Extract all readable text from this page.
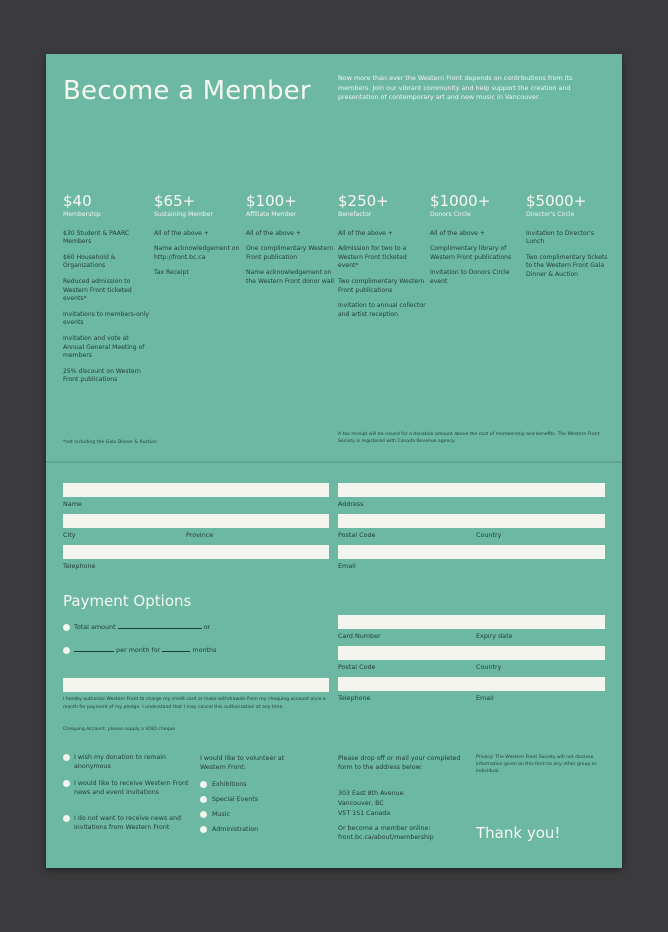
Become a Member	Now more than ever the Western Front depends on contributions from its members. Join our vibrant community and help support the creation and presentation of contemporary art and new music in Vancouver.
$40
Membership
$30 Student & PAARC Members
$60 Household & Organizations
Reduced admission to Western Front ticketed events*
Invitations to members-only events
Invitation and vote at Annual General Meeting of members
25% discount on Western Front publications
$65+
Sustaining Member
All of the above +
Name acknowledgement on http://front.bc.ca
Tax Receipt
$100+
Affiliate Member
All of the above +
One complimentary Western Front publication
Name acknowledgement on the Western Front donor wall
$250+
Benefactor
All of the above +
Admission for two to a Western Front ticketed event*
Two complimentary Western Front publications
Invitation to annual collector and artist reception
$1000+
Donors Circle
All of the above +
Complimentary library of Western Front publications
Invitation to Donors Circle event
$5000+
Director's Circle
Invitation to Director's Lunch
Two complimentary tickets to the Western Front Gala Dinner & Auction
*not including the Gala Dinner & Auction
A tax receipt will be issued for a donation amount above the cost of membership and benefits. The Western Front Society is registered with Canada Revenue agency.
Name	Address
City	Province	Postal Code	Country
Telephone	Email
Payment Options
Total amount	or
per month for	months
Card Number	Expiry date
Postal Code	Country
Telephone	Email
I hereby authorize Western Front to charge my credit card or make withdrawals from my chequing account once a month for payment of my pledge. I understand that I may cancel this authorization at any time.
Chequing Account: please supply a VOID cheque
I wish my donation to remain anonymous
I would like to receive Western Front news and event invitations
I do not want to receive news and invitations from Western Front
I would like to volunteer at Western Front:
Exhibitions
Special Events
Music
Administration
Please drop off or mail your completed form to the address below:
303 East 8th Avenue
Vancouver, BC
V5T 1S1 Canada
Or become a member online:
front.bc.ca/about/membership
Privacy: The Western Front Society will not disclose information given on this form to any other group or individual.
Thank you!
